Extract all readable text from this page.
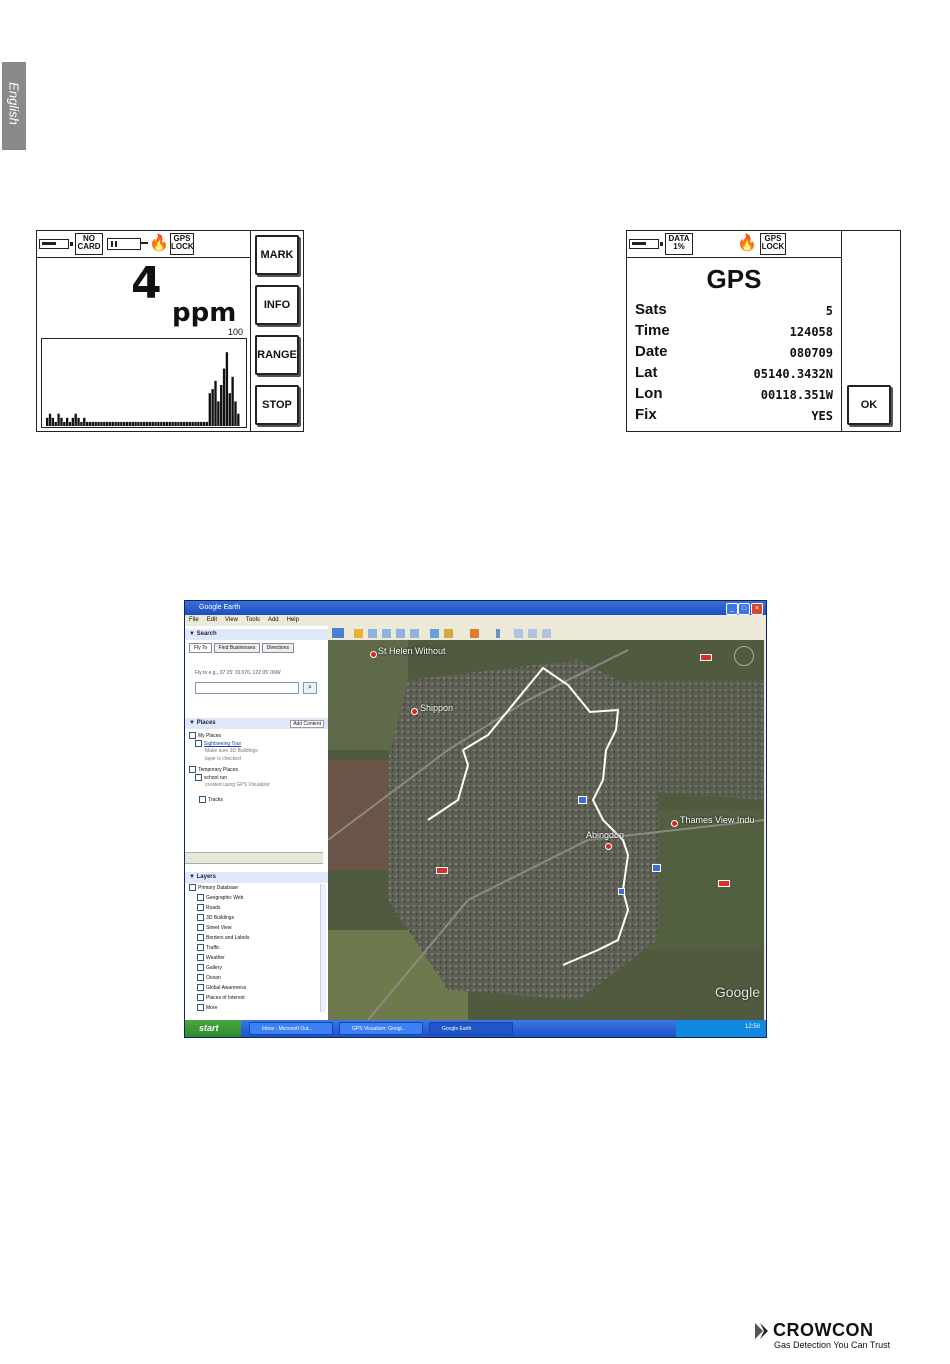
English
NO CARD	🔥 GPS LOCK
4
ppm
100
MARK
INFO
RANGE
STOP
DATA 1%	🔥 GPS LOCK
GPS
Sats	5
Time	124058
Date	080709
Lat	05140.3432N
Lon	00118.351W
Fix	YES
OK
Google Earth	_	□	×
File Edit View Tools Add Help
▼ Search
Fly To Find Businesses Directions
Fly to e.g., 37 25' 19.076, 122 05' 06W
⌕
▼ Places	Add Content
My Places
Sightseeing Tour
Make sure 3D Buildings
layer is checked
Temporary Places
school run
created using GPS Visualizer
Tracks
▼ Layers
Primary Database
Geographic Web
Roads
3D Buildings
Street View
Borders and Labels
Traffic
Weather
Gallery
Ocean
Global Awareness
Places of Interest
More
St Helen Without
Shippon
Abingdon
Thames View Indu
Google
start	Inbox - Microsoft Out...	GPS Visualizer: Googl...	Google Earth	12:50
CROWCON
Gas Detection You Can Trust
